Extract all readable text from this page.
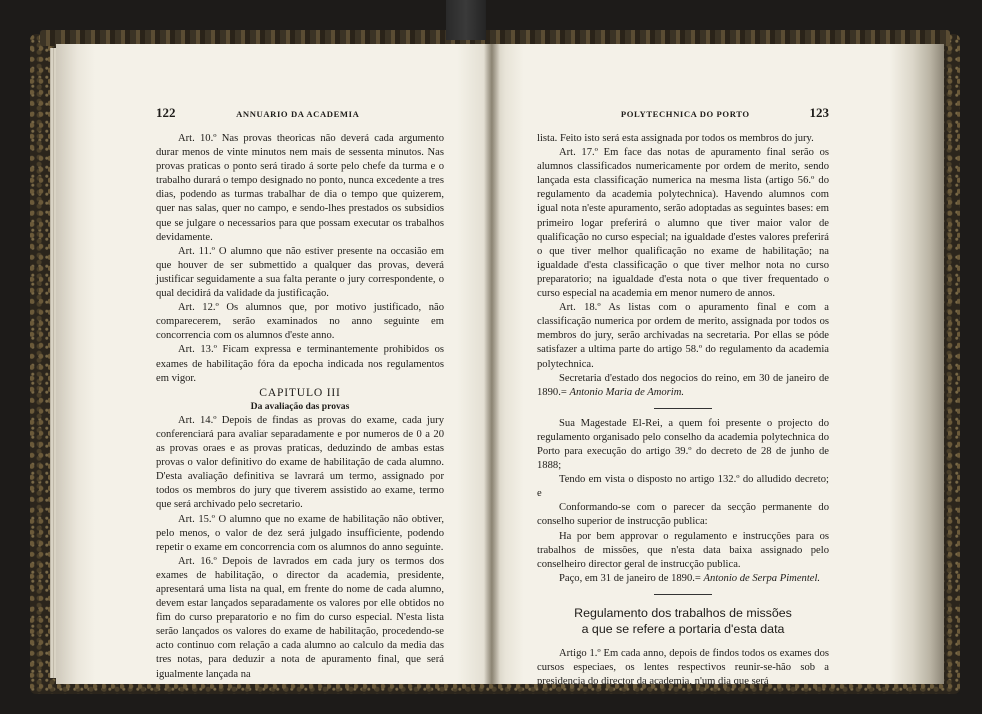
122	ANNUARIO DA ACADEMIA

Art. 10.º Nas provas theoricas não deverá cada argumento durar menos de vinte minutos nem mais de sessenta minutos. Nas provas praticas o ponto será tirado á sorte pelo chefe da turma e o trabalho durará o tempo designado no ponto, nunca excedente a tres dias, podendo as turmas trabalhar de dia o tempo que quizerem, quer nas salas, quer no campo, e sendo-lhes prestados os subsidios que se julgare o necessarios para que possam executar os trabalhos devidamente.

Art. 11.º O alumno que não estiver presente na occasião em que houver de ser submettido a qualquer das provas, deverá justificar seguidamente a sua falta perante o jury correspondente, o qual decidirá da validade da justificação.

Art. 12.º Os alumnos que, por motivo justificado, não comparecerem, serão examinados no anno seguinte em concorrencia com os alumnos d'este anno.

Art. 13.º Ficam expressa e terminantemente prohibidos os exames de habilitação fóra da epocha indicada nos regulamentos em vigor.

CAPITULO III

Da avaliação das provas

Art. 14.º Depois de findas as provas do exame, cada jury conferenciará para avaliar separadamente e por numeros de 0 a 20 as provas oraes e as provas praticas, deduzindo de ambas estas provas o valor definitivo do exame de habilitação de cada alumno. D'esta avaliação definitiva se lavrará um termo, assignado por todos os membros do jury que tiverem assistido ao exame, termo que será archivado pelo secretario.

Art. 15.º O alumno que no exame de habilitação não obtiver, pelo menos, o valor de dez será julgado insufficiente, podendo repetir o exame em concorrencia com os alumnos do anno seguinte.

Art. 16.º Depois de lavrados em cada jury os termos dos exames de habilitação, o director da academia, presidente, apresentará uma lista na qual, em frente do nome de cada alumno, devem estar lançados separadamente os valores por elle obtidos no fim do curso preparatorio e no fim do curso especial. N'esta lista serão lançados os valores do exame de habilitação, procedendo-se acto continuo com relação a cada alumno ao calculo da media das tres notas, para deduzir a nota de apuramento final, que será igualmente lançada na

POLYTECHNICA DO PORTO	123

lista. Feito isto será esta assignada por todos os membros do jury.

Art. 17.º Em face das notas de apuramento final serão os alumnos classificados numericamente por ordem de merito, sendo lançada esta classificação numerica na mesma lista (artigo 56.º do regulamento da academia polytechnica). Havendo alumnos com igual nota n'este apuramento, serão adoptadas as seguintes bases: em primeiro logar preferirá o alumno que tiver maior valor de qualificação no curso especial; na igualdade d'estes valores preferirá o que tiver melhor qualificação no exame de habilitação; na igualdade d'esta classificação o que tiver melhor nota no curso preparatorio; na igualdade d'esta nota o que tiver frequentado o curso especial na academia em menor numero de annos.

Art. 18.º As listas com o apuramento final e com a classificação numerica por ordem de merito, assignada por todos os membros do jury, serão archivadas na secretaria. Por ellas se póde satisfazer a ultima parte do artigo 58.º do regulamento da academia polytechnica.

Secretaria d'estado dos negocios do reino, em 30 de janeiro de 1890.= Antonio Maria de Amorim.

Sua Magestade El-Rei, a quem foi presente o projecto do regulamento organisado pelo conselho da academia polytechnica do Porto para execução do artigo 39.º do decreto de 28 de junho de 1888;

Tendo em vista o disposto no artigo 132.º do alludido decreto; e

Conformando-se com o parecer da secção permanente do conselho superior de instrucção publica:

Ha por bem approvar o regulamento e instrucções para os trabalhos de missões, que n'esta data baixa assignado pelo conselheiro director geral de instrucção publica.

Paço, em 31 de janeiro de 1890.= Antonio de Serpa Pimentel.

Regulamento dos trabalhos de missões
a que se refere a portaria d'esta data

Artigo 1.º Em cada anno, depois de findos todos os exames dos cursos especiaes, os lentes respectivos reunir-se-hão sob a presidencia do director da academia, n'um dia que será
